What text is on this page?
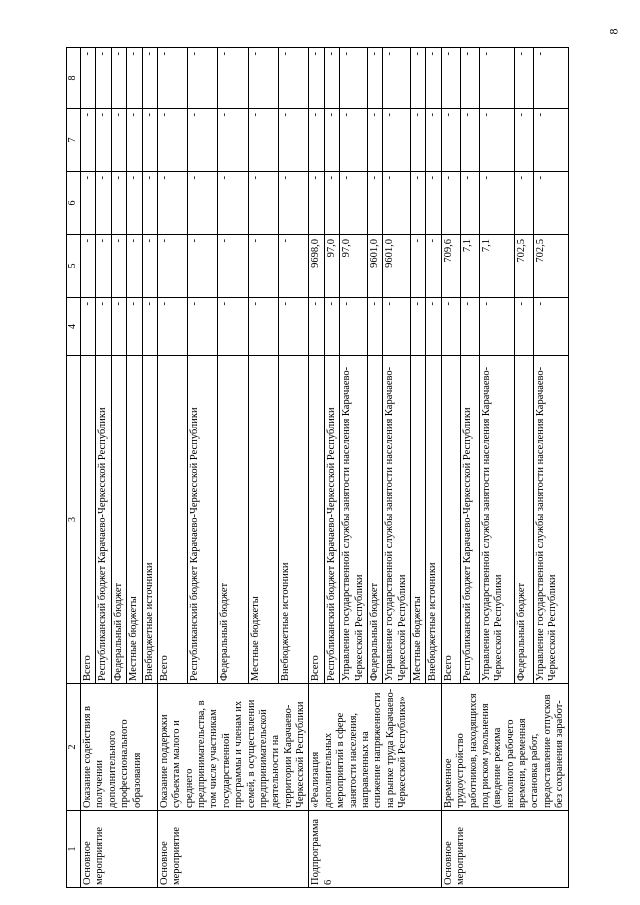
8
1	2	3	4	5	6	7	8
Основное мероприятие	Оказание содействия в получении дополнительного профессионального образования	Всего	-	-	-	-	-
		Республиканский бюджет Карачаево-Черкесской Республики	-	-	-	-	-
		Федеральный бюджет	-	-	-	-	-
		Местные бюджеты	-	-	-	-	-
		Внебюджетные источники	-	-	-	-	-
Основное мероприятие	Оказание поддержки субъектам малого и среднего предпринимательства, в том числе участникам государственной программы и членам их семей, в осуществлении предпринимательской деятельности на территории Карачаево-Черкесской Республики	Всего	-	-	-	-	-
		Республиканский бюджет Карачаево-Черкесской Республики	-	-	-	-	-
		Федеральный бюджет	-	-	-	-	-
		Местные бюджеты	-	-	-	-	-
		Внебюджетные источники	-	-	-	-	-
Подпрограмма 6	«Реализация дополнительных мероприятий в сфере занятости населения, направленных на снижение напряженности на рынке труда Карачаево-Черкесской Республики»	Всего	-	9698,0	-	-	-
		Республиканский бюджет Карачаево-Черкесской Республики	-	97,0	-	-	-
		Управление государственной службы занятости населения Карачаево-Черкесской Республики	-	97,0	-	-	-
		Федеральный бюджет	-	9601,0	-	-	-
		Управление государственной службы занятости населения Карачаево-Черкесской Республики	-	9601,0	-	-	-
		Местные бюджеты	-	-	-	-	-
		Внебюджетные источники	-	-	-	-	-
Основное мероприятие	Временное трудоустройство работников, находящихся под риском увольнения (введение режима неполного рабочего времени, временная остановка работ, предоставление отпусков без сохранения заработ-	Всего	-	709,6	-	-	-
		Республиканский бюджет Карачаево-Черкесской Республики	-	7,1	-	-	-
		Управление государственной службы занятости населения Карачаево-Черкесской Республики	-	7,1	-	-	-
		Федеральный бюджет	-	702,5	-	-	-
		Управление государственной службы занятости населения Карачаево-Черкесской Республики	-	702,5	-	-	-
